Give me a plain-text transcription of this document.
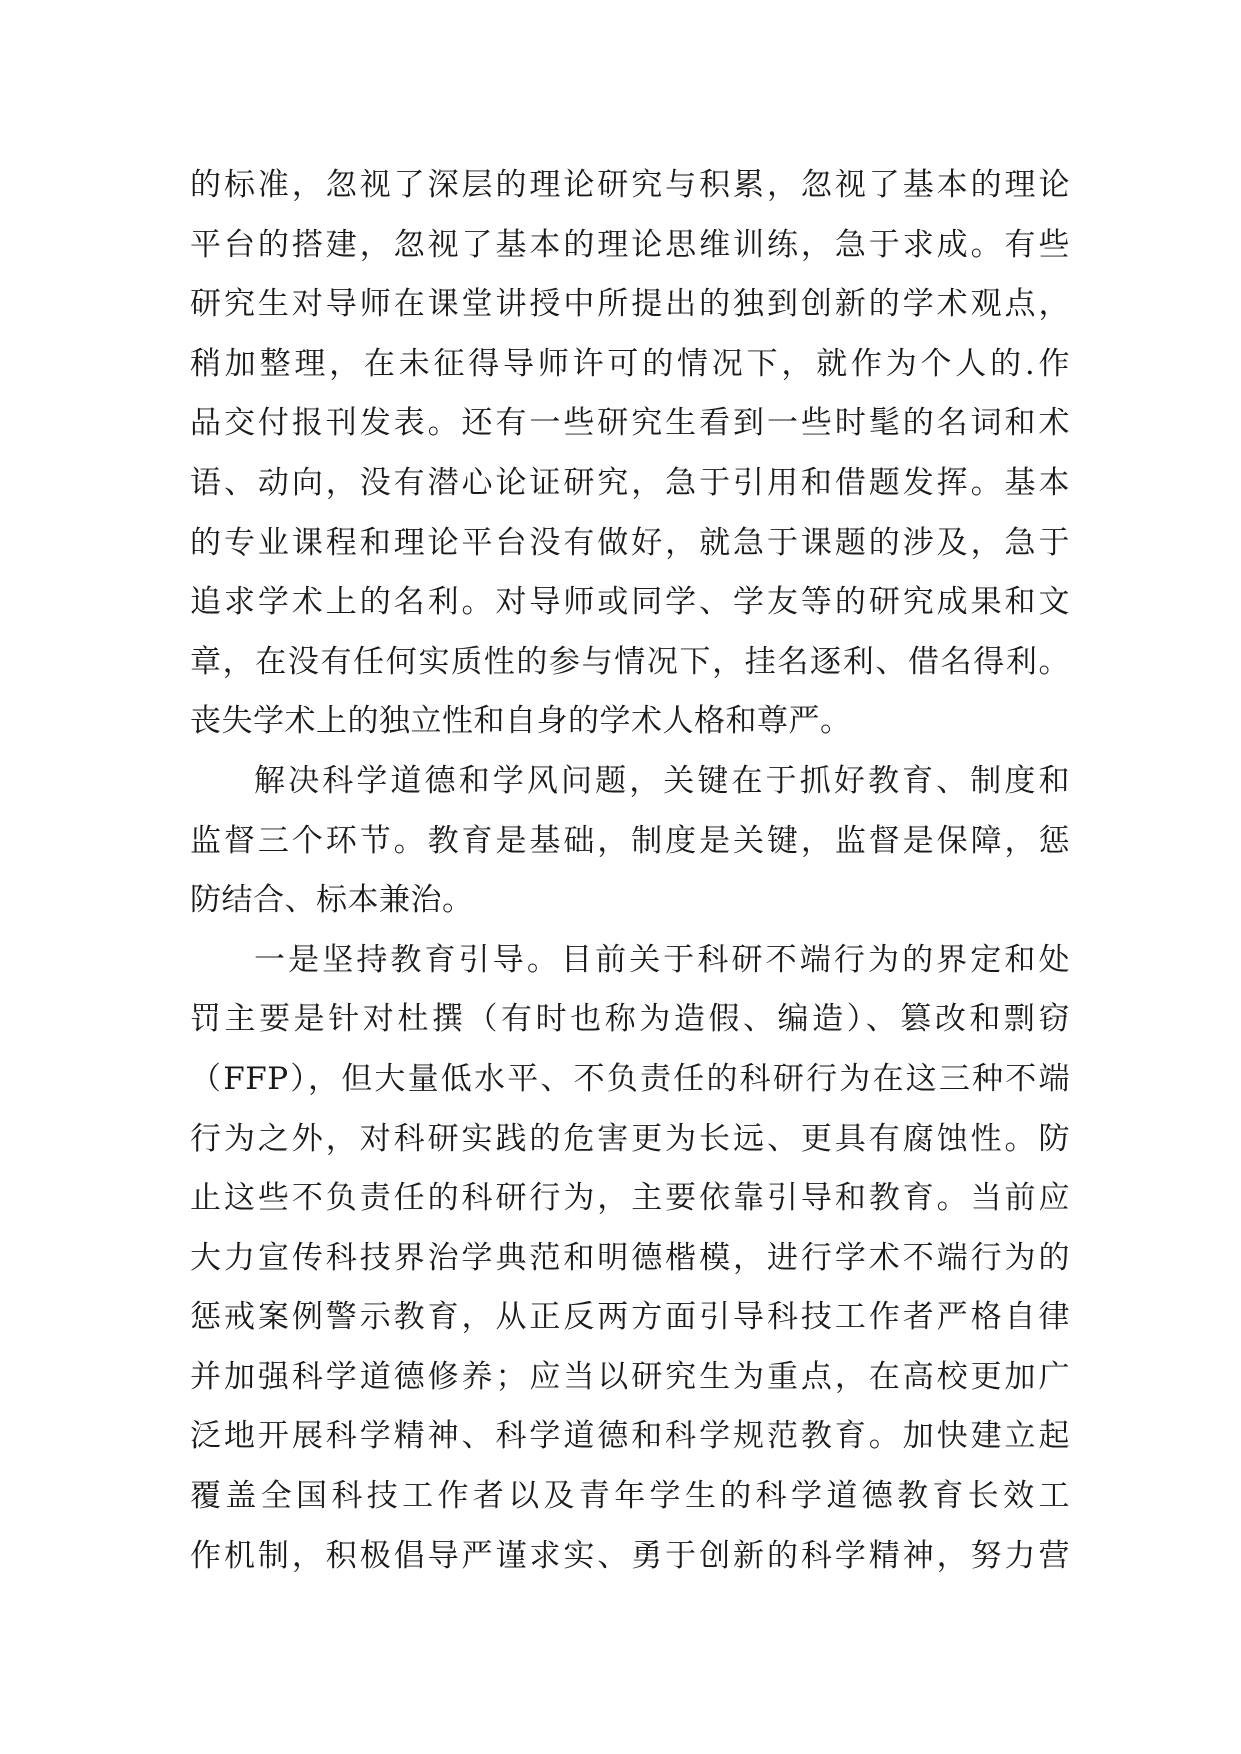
的标准，忽视了深层的理论研究与积累，忽视了基本的理论
平台的搭建，忽视了基本的理论思维训练，急于求成。有些
研究生对导师在课堂讲授中所提出的独到创新的学术观点，
稍加整理，在未征得导师许可的情况下，就作为个人的.作
品交付报刊发表。还有一些研究生看到一些时髦的名词和术
语、动向，没有潜心论证研究，急于引用和借题发挥。基本
的专业课程和理论平台没有做好，就急于课题的涉及，急于
追求学术上的名利。对导师或同学、学友等的研究成果和文
章，在没有任何实质性的参与情况下，挂名逐利、借名得利。
丧失学术上的独立性和自身的学术人格和尊严。
解决科学道德和学风问题，关键在于抓好教育、制度和
监督三个环节。教育是基础，制度是关键，监督是保障，惩
防结合、标本兼治。
一是坚持教育引导。目前关于科研不端行为的界定和处
罚主要是针对杜撰（有时也称为造假、编造）、篡改和剽窃
（FFP），但大量低水平、不负责任的科研行为在这三种不端
行为之外，对科研实践的危害更为长远、更具有腐蚀性。防
止这些不负责任的科研行为，主要依靠引导和教育。当前应
大力宣传科技界治学典范和明德楷模，进行学术不端行为的
惩戒案例警示教育，从正反两方面引导科技工作者严格自律
并加强科学道德修养；应当以研究生为重点，在高校更加广
泛地开展科学精神、科学道德和科学规范教育。加快建立起
覆盖全国科技工作者以及青年学生的科学道德教育长效工
作机制，积极倡导严谨求实、勇于创新的科学精神，努力营
